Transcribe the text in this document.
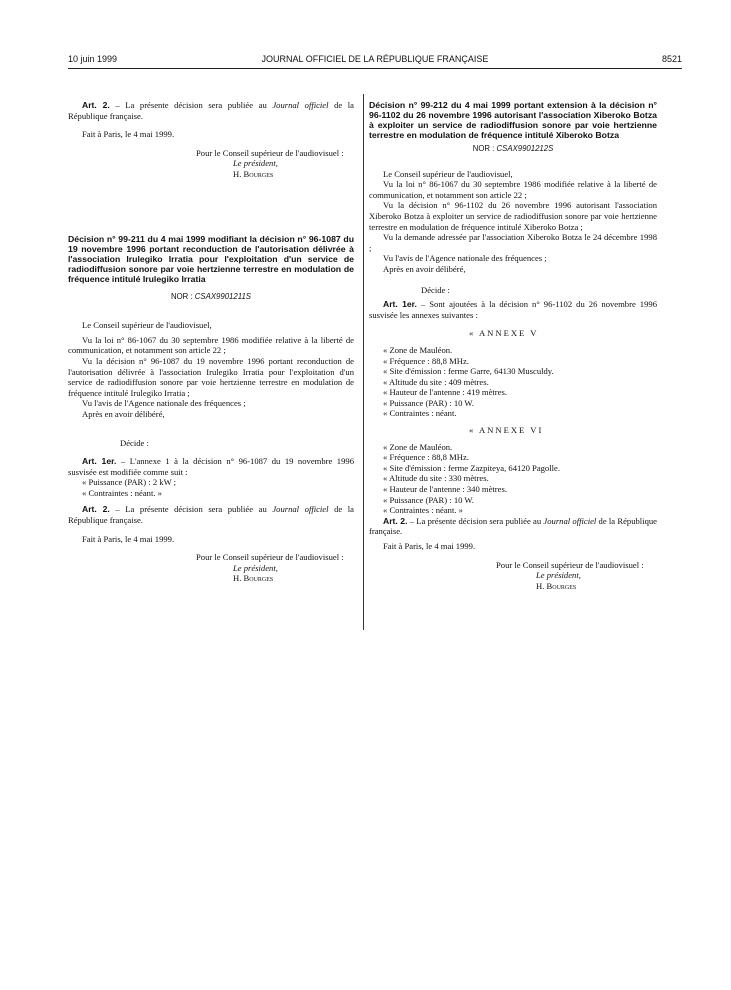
10 juin 1999	JOURNAL OFFICIEL DE LA RÉPUBLIQUE FRANÇAISE	8521

Art. 2. – La présente décision sera publiée au Journal officiel de la République française.

Fait à Paris, le 4 mai 1999.

Pour le Conseil supérieur de l'audiovisuel :

Le président,

H. Bourges

Décision n° 99-211 du 4 mai 1999 modifiant la décision n° 96-1087 du 19 novembre 1996 portant reconduction de l'autorisation délivrée à l'association Irulegiko Irratia pour l'exploitation d'un service de radiodiffusion sonore par voie hertzienne terrestre en modulation de fréquence intitulé Irulegiko Irratia

NOR : CSAX9901211S

Le Conseil supérieur de l'audiovisuel,

Vu la loi n° 86-1067 du 30 septembre 1986 modifiée relative à la liberté de communication, et notamment son article 22 ;

Vu la décision n° 96-1087 du 19 novembre 1996 portant reconduction de l'autorisation délivrée à l'association Irulegiko Irratia pour l'exploitation d'un service de radiodiffusion sonore par voie hertzienne terrestre en modulation de fréquence intitulé Irulegiko Irratia ;

Vu l'avis de l'Agence nationale des fréquences ;

Après en avoir délibéré,

Décide :

Art. 1er. – L'annexe 1 à la décision n° 96-1087 du 19 novembre 1996 susvisée est modifiée comme suit :

« Puissance (PAR) : 2 kW ;

« Contraintes : néant. »

Art. 2. – La présente décision sera publiée au Journal officiel de la République française.

Fait à Paris, le 4 mai 1999.

Pour le Conseil supérieur de l'audiovisuel :

Le président,

H. Bourges

Décision n° 99-212 du 4 mai 1999 portant extension à la décision n° 96-1102 du 26 novembre 1996 autorisant l'association Xiberoko Botza à exploiter un service de radiodiffusion sonore par voie hertzienne terrestre en modulation de fréquence intitulé Xiberoko Botza

NOR : CSAX9901212S

Le Conseil supérieur de l'audiovisuel,

Vu la loi n° 86-1067 du 30 septembre 1986 modifiée relative à la liberté de communication, et notamment son article 22 ;

Vu la décision n° 96-1102 du 26 novembre 1996 autorisant l'association Xiberoko Botza à exploiter un service de radiodiffusion sonore par voie hertzienne terrestre en modulation de fréquence intitulé Xiberoko Botza ;

Vu la demande adressée par l'association Xiberoko Botza le 24 décembre 1998 ;

Vu l'avis de l'Agence nationale des fréquences ;

Après en avoir délibéré,

Décide :

Art. 1er. – Sont ajoutées à la décision n° 96-1102 du 26 novembre 1996 susvisée les annexes suivantes :

« ANNEXE V

« Zone de Mauléon.

« Fréquence : 88,8 MHz.

« Site d'émission : ferme Garre, 64130 Musculdy.

« Altitude du site : 409 mètres.

« Hauteur de l'antenne : 419 mètres.

« Puissance (PAR) : 10 W.

« Contraintes : néant.

« ANNEXE VI

« Zone de Mauléon.

« Fréquence : 88,8 MHz.

« Site d'émission : ferme Zazpiteya, 64120 Pagolle.

« Altitude du site : 330 mètres.

« Hauteur de l'antenne : 340 mètres.

« Puissance (PAR) : 10 W.

« Contraintes : néant. »

Art. 2. – La présente décision sera publiée au Journal officiel de la République française.

Fait à Paris, le 4 mai 1999.

Pour le Conseil supérieur de l'audiovisuel :

Le président,

H. Bourges
